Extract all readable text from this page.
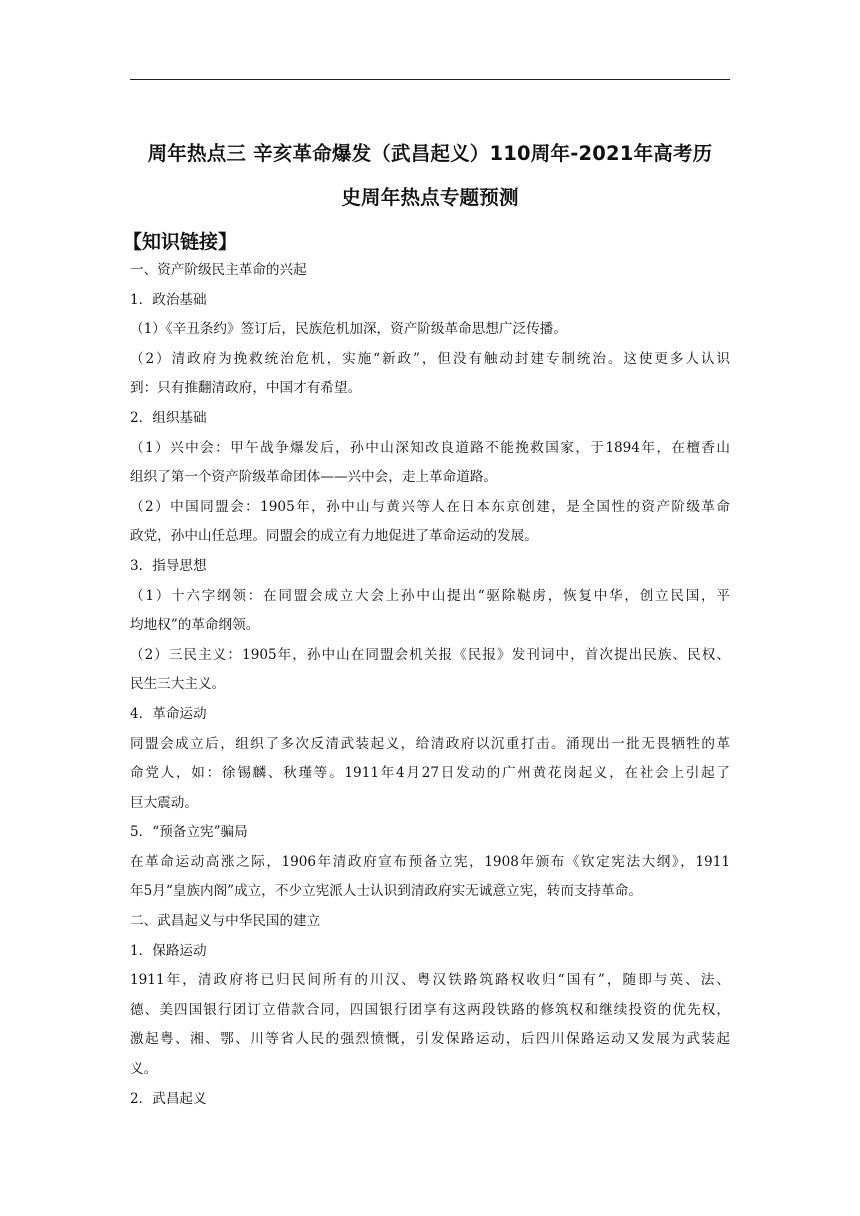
周年热点三 辛亥革命爆发（武昌起义）110周年-2021年高考历
史周年热点专题预测
【知识链接】
一、资产阶级民主革命的兴起
1．政治基础
（1）《辛丑条约》签订后，民族危机加深，资产阶级革命思想广泛传播。
（2）清政府为挽救统治危机，实施“新政”，但没有触动封建专制统治。这使更多人认识
到：只有推翻清政府，中国才有希望。
2．组织基础
（1）兴中会：甲午战争爆发后，孙中山深知改良道路不能挽救国家，于1894年，在檀香山
组织了第一个资产阶级革命团体——兴中会，走上革命道路。
（2）中国同盟会：1905年，孙中山与黄兴等人在日本东京创建，是全国性的资产阶级革命
政党，孙中山任总理。同盟会的成立有力地促进了革命运动的发展。
3．指导思想
（1）十六字纲领：在同盟会成立大会上孙中山提出“驱除鞑虏，恢复中华，创立民国，平
均地权”的革命纲领。
（2）三民主义：1905年，孙中山在同盟会机关报《民报》发刊词中，首次提出民族、民权、
民生三大主义。
4．革命运动
同盟会成立后，组织了多次反清武装起义，给清政府以沉重打击。涌现出一批无畏牺牲的革
命党人，如：徐锡麟、秋瑾等。1911年4月27日发动的广州黄花岗起义，在社会上引起了
巨大震动。
5．“预备立宪”骗局
在革命运动高涨之际，1906年清政府宣布预备立宪，1908年颁布《钦定宪法大纲》，1911
年5月“皇族内阁”成立，不少立宪派人士认识到清政府实无诚意立宪，转而支持革命。
二、武昌起义与中华民国的建立
1．保路运动
1911年，清政府将已归民间所有的川汉、粤汉铁路筑路权收归“国有”，随即与英、法、
德、美四国银行团订立借款合同，四国银行团享有这两段铁路的修筑权和继续投资的优先权，
激起粤、湘、鄂、川等省人民的强烈愤慨，引发保路运动，后四川保路运动又发展为武装起
义。
2．武昌起义
